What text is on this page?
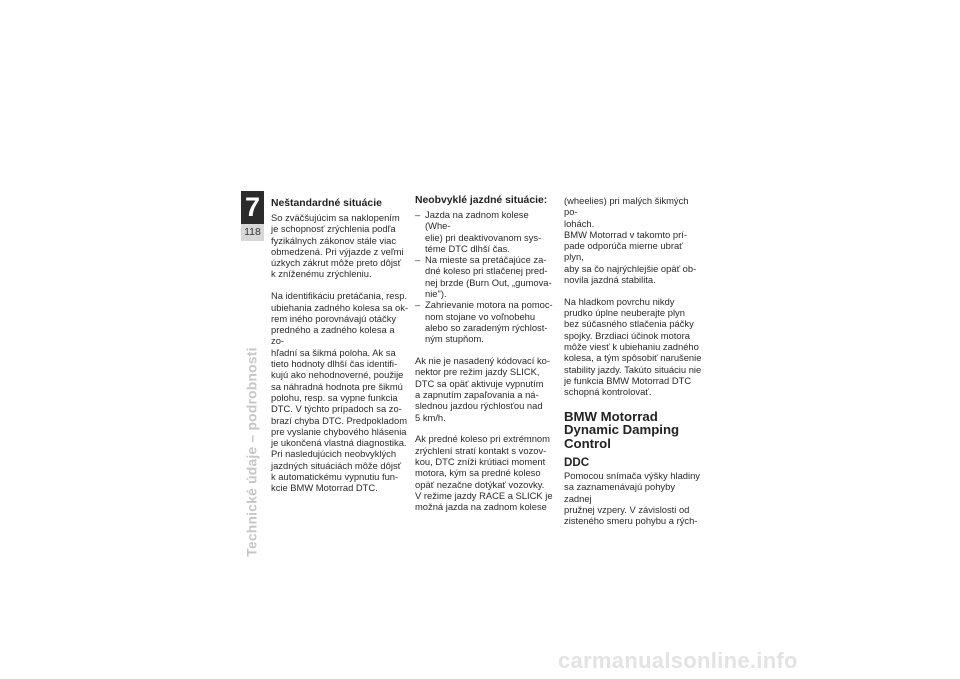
7
118
Technické údaje – podrobnosti
Neštandardné situácie

So zväčšujúcim sa naklopením
je schopnosť zrýchlenia podľa
fyzikálnych zákonov stále viac
obmedzená. Pri výjazde z veľmi
úzkych zákrut môže preto dôjsť
k zníženému zrýchleniu.

Na identifikáciu pretáčania, resp.
ubiehania zadného kolesa sa ok-
rem iného porovnávajú otáčky
predného a zadného kolesa a zo-
hľadní sa šikmá poloha. Ak sa
tieto hodnoty dlhší čas identifi-
kujú ako nehodnoverné, použije
sa náhradná hodnota pre šikmú
polohu, resp. sa vypne funkcia
DTC. V týchto prípadoch sa zo-
brazí chyba DTC. Predpokladom
pre vyslanie chybového hlásenia
je ukončená vlastná diagnostika.
Pri nasledujúcich neobvyklých
jazdných situáciách môže dôjsť
k automatickému vypnutiu fun-
kcie BMW Motorrad DTC.

Neobvyklé jazdné situácie:
– Jazda na zadnom kolese (Whe-
elie) pri deaktivovanom sys-
téme DTC dlhší čas.
– Na mieste sa pretáčajúce za-
dné koleso pri stlačenej pred-
nej brzde (Burn Out, „gumova-
nie").
– Zahrievanie motora na pomoc-
nom stojane vo voľnobehu
alebo so zaradeným rýchlost-
ným stupňom.

Ak nie je nasadený kódovací ko-
nektor pre režim jazdy SLICK,
DTC sa opäť aktivuje vypnutím
a zapnutím zapaľovania a ná-
slednou jazdou rýchlosťou nad
5 km/h.

Ak predné koleso pri extrémnom
zrýchlení stratí kontakt s vozov-
kou, DTC zníži krútiaci moment
motora, kým sa predné koleso
opäť nezačne dotýkať vozovky.
V režime jazdy RACE a SLICK je
možná jazda na zadnom kolese

(wheelies) pri malých šikmých po-
lohách.
BMW Motorrad v takomto prí-
pade odporúča mierne ubrať plyn,
aby sa čo najrýchlejšie opäť ob-
novila jazdná stabilita.

Na hladkom povrchu nikdy
prudko úplne neuberajte plyn
bez súčasného stlačenia páčky
spojky. Brzdiaci účinok motora
môže viesť k ubiehaniu zadného
kolesa, a tým spôsobiť narušenie
stability jazdy. Takúto situáciu nie
je funkcia BMW Motorrad DTC
schopná kontrolovať.

BMW Motorrad
Dynamic Damping
Control
DDC

Pomocou snímača výšky hladiny
sa zaznamenávajú pohyby zadnej
pružnej vzpery. V závislosti od
zisteného smeru pohybu a rých-

carmanualsonline.info
